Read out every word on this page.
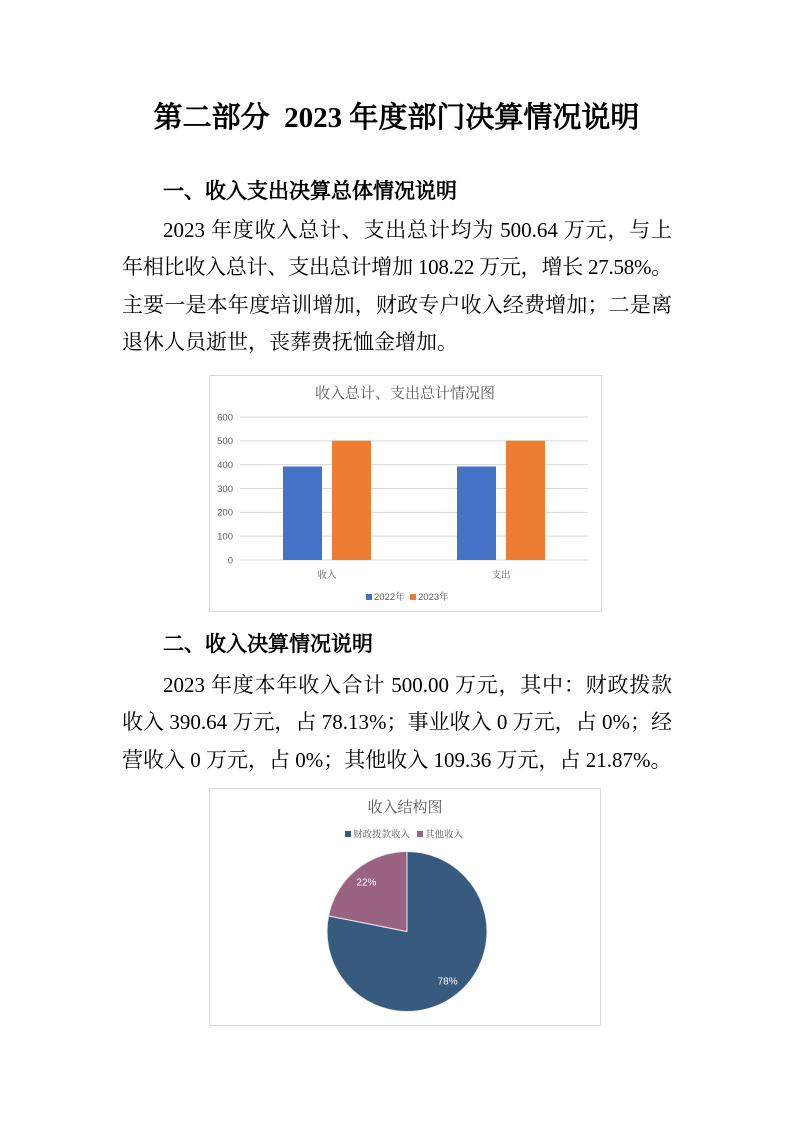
第二部分  2023 年度部门决算情况说明
一、收入支出决算总体情况说明
2023 年度收入总计、支出总计均为 500.64 万元，与上
年相比收入总计、支出总计增加 108.22 万元，增长 27.58%。
主要一是本年度培训增加，财政专户收入经费增加；二是离
退休人员逝世，丧葬费抚恤金增加。
收入总计、支出总计情况图
0
100
200
300
400
500
600
收入	支出
2022年 2023年
二、收入决算情况说明
2023 年度本年收入合计 500.00 万元，其中：财政拨款
收入 390.64 万元，占 78.13%；事业收入 0 万元，占 0%；经
营收入 0 万元，占 0%；其他收入 109.36 万元，占 21.87%。
收入结构图
财政拨款收入 其他收入
78%
22%
